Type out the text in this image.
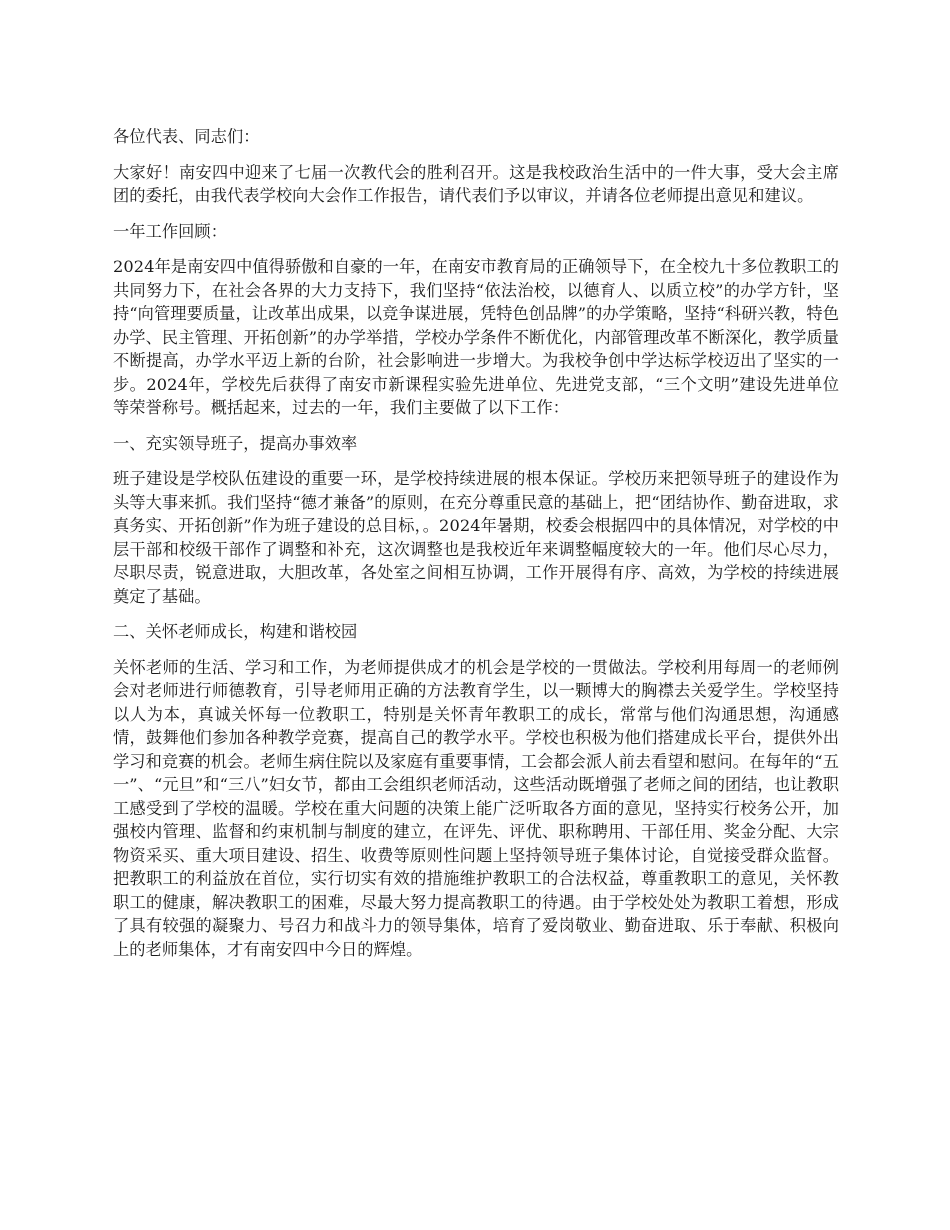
各位代表、同志们：

大家好！南安四中迎来了七届一次教代会的胜利召开。这是我校政治生活中的一件大事，受大会主席团的委托，由我代表学校向大会作工作报告，请代表们予以审议，并请各位老师提出意见和建议。

一年工作回顾：

2024年是南安四中值得骄傲和自豪的一年，在南安市教育局的正确领导下，在全校九十多位教职工的共同努力下，在社会各界的大力支持下，我们坚持“依法治校，以德育人、以质立校”的办学方针，坚持“向管理要质量，让改革出成果，以竞争谋进展，凭特色创品牌”的办学策略，坚持“科研兴教，特色办学、民主管理、开拓创新”的办学举措，学校办学条件不断优化，内部管理改革不断深化，教学质量不断提高，办学水平迈上新的台阶，社会影响进一步增大。为我校争创中学达标学校迈出了坚实的一步。2024年，学校先后获得了南安市新课程实验先进单位、先进党支部，“三个文明”建设先进单位等荣誉称号。概括起来，过去的一年，我们主要做了以下工作：

一、充实领导班子，提高办事效率

班子建设是学校队伍建设的重要一环，是学校持续进展的根本保证。学校历来把领导班子的建设作为头等大事来抓。我们坚持“德才兼备”的原则，在充分尊重民意的基础上，把“团结协作、勤奋进取，求真务实、开拓创新”作为班子建设的总目标，。2024年暑期，校委会根据四中的具体情况，对学校的中层干部和校级干部作了调整和补充，这次调整也是我校近年来调整幅度较大的一年。他们尽心尽力，尽职尽责，锐意进取，大胆改革，各处室之间相互协调，工作开展得有序、高效，为学校的持续进展奠定了基础。

二、关怀老师成长，构建和谐校园

关怀老师的生活、学习和工作，为老师提供成才的机会是学校的一贯做法。学校利用每周一的老师例会对老师进行师德教育，引导老师用正确的方法教育学生，以一颗博大的胸襟去关爱学生。学校坚持以人为本，真诚关怀每一位教职工，特别是关怀青年教职工的成长，常常与他们沟通思想，沟通感情，鼓舞他们参加各种教学竞赛，提高自己的教学水平。学校也积极为他们搭建成长平台，提供外出学习和竞赛的机会。老师生病住院以及家庭有重要事情，工会都会派人前去看望和慰问。在每年的“五一”、“元旦”和“三八”妇女节，都由工会组织老师活动，这些活动既增强了老师之间的团结，也让教职工感受到了学校的温暖。学校在重大问题的决策上能广泛听取各方面的意见，坚持实行校务公开，加强校内管理、监督和约束机制与制度的建立，在评先、评优、职称聘用、干部任用、奖金分配、大宗物资采买、重大项目建设、招生、收费等原则性问题上坚持领导班子集体讨论，自觉接受群众监督。把教职工的利益放在首位，实行切实有效的措施维护教职工的合法权益，尊重教职工的意见，关怀教职工的健康，解决教职工的困难，尽最大努力提高教职工的待遇。由于学校处处为教职工着想，形成了具有较强的凝聚力、号召力和战斗力的领导集体，培育了爱岗敬业、勤奋进取、乐于奉献、积极向上的老师集体，才有南安四中今日的辉煌。
